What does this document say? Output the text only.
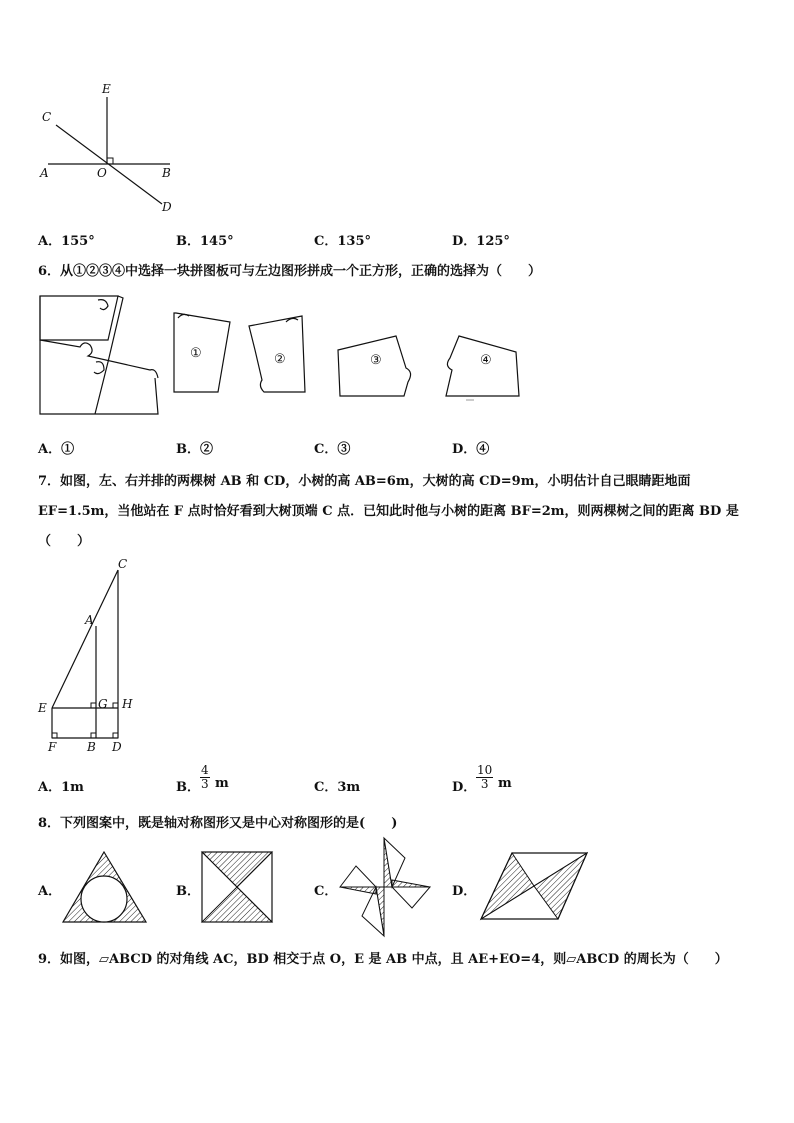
E
C
A	O	B
D
A．155°	B．145°	C．135°	D．125°
6．从①②③④中选择一块拼图板可与左边图形拼成一个正方形，正确的选择为（　　）
①	②	③	④
A．①	B．②	C．③	D．④
7．如图，左、右并排的两棵树 AB 和 CD，小树的高 AB=6m，大树的高 CD=9m，小明估计自己眼睛距地面
EF=1.5m，当他站在 F 点时恰好看到大树顶端 C 点．已知此时他与小树的距离 BF=2m，则两棵树之间的距离 BD 是
（　　）
C
A
E	G H
F	B D
A．1m	B． $\frac{4}{3}$ m	C．3m	D． $\frac{10}{3}$ m
8．下列图案中，既是轴对称图形又是中心对称图形的是(　　)
A．	B．	C．	D．
9．如图，▱ABCD 的对角线 AC，BD 相交于点 O，E 是 AB 中点，且 AE+EO=4，则▱ABCD 的周长为（　　）
